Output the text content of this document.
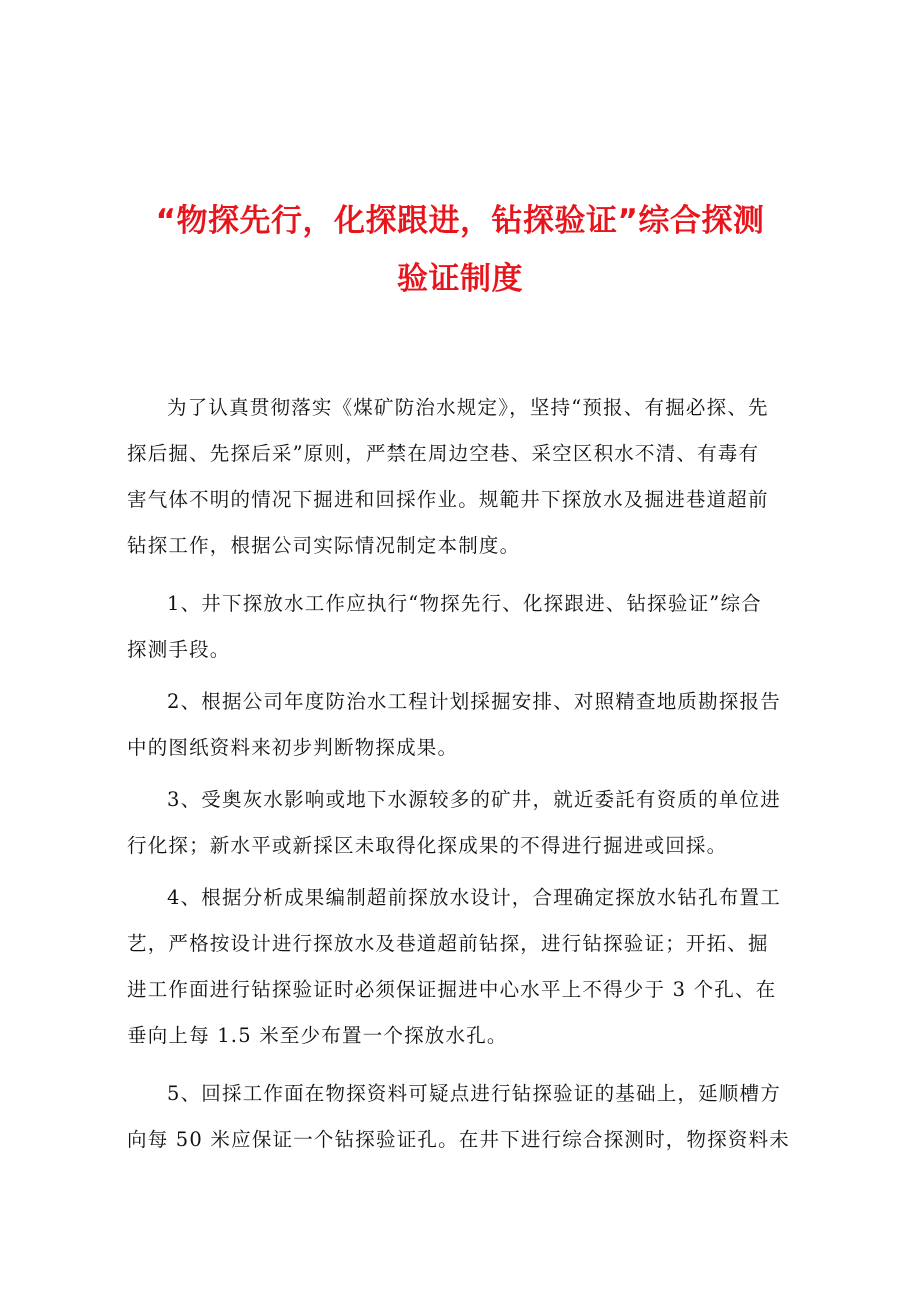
“物探先行，化探跟进，钻探验证”综合探测
验证制度
为了认真贯彻落实《煤矿防治水规定》，坚持“预报、有掘必探、先
探后掘、先探后采”原则，严禁在周边空巷、采空区积水不清、有毒有
害气体不明的情况下掘进和回採作业。规範井下探放水及掘进巷道超前
钻探工作，根据公司实际情况制定本制度。
1、井下探放水工作应执行“物探先行、化探跟进、钻探验证”综合
探测手段。
2、根据公司年度防治水工程计划採掘安排、对照精查地质勘探报告
中的图纸资料来初步判断物探成果。
3、受奥灰水影响或地下水源较多的矿井，就近委託有资质的单位进
行化探；新水平或新採区未取得化探成果的不得进行掘进或回採。
4、根据分析成果编制超前探放水设计，合理确定探放水钻孔布置工
艺，严格按设计进行探放水及巷道超前钻探，进行钻探验证；开拓、掘
进工作面进行钻探验证时必须保证掘进中心水平上不得少于 3 个孔、在
垂向上每 1.5 米至少布置一个探放水孔。
5、回採工作面在物探资料可疑点进行钻探验证的基础上，延顺槽方
向每 50 米应保证一个钻探验证孔。在井下进行综合探测时，物探资料未
